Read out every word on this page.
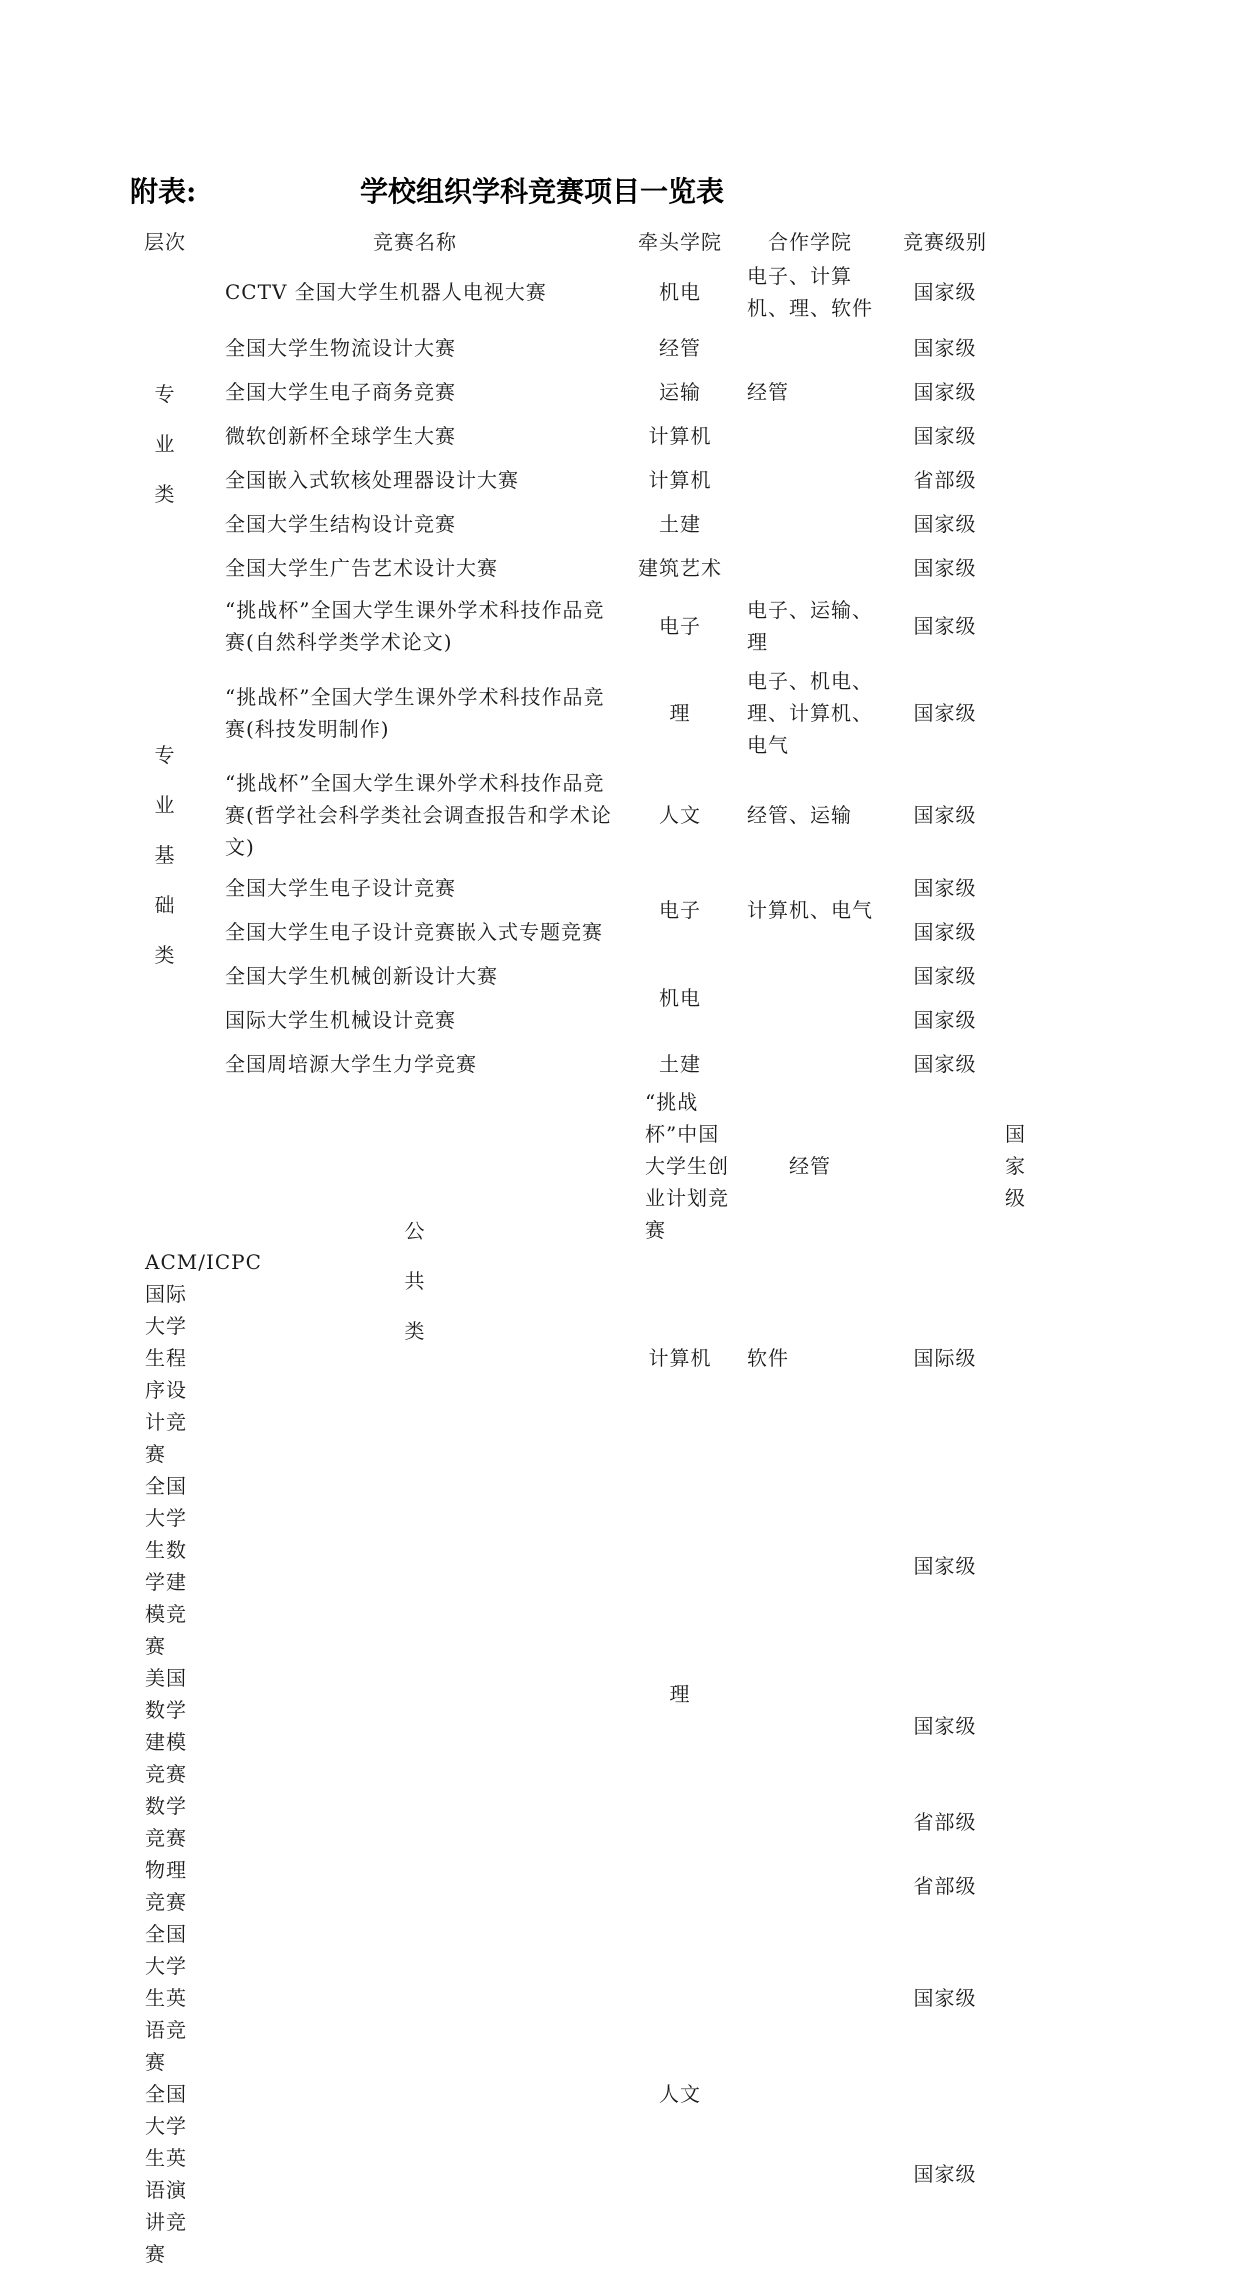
附表:	学校组织学科竞赛项目一览表
层次	竞赛名称	牵头学院	合作学院	竞赛级别	
专业类	CCTV 全国大学生机器人电视大赛	机电	电子、计算机、理、软件	国家级	
	全国大学生物流设计大赛	经管		国家级	
	全国大学生电子商务竞赛	运输	经管	国家级	
	微软创新杯全球学生大赛	计算机		国家级	
	全国嵌入式软核处理器设计大赛	计算机		省部级	
	全国大学生结构设计竞赛	土建		国家级	
	全国大学生广告艺术设计大赛	建筑艺术		国家级	
专业基础类	“挑战杯”全国大学生课外学术科技作品竞赛(自然科学类学术论文)	电子	电子、运输、理	国家级	
	“挑战杯”全国大学生课外学术科技作品竞赛(科技发明制作)	理	电子、机电、理、计算机、电气	国家级	
	“挑战杯”全国大学生课外学术科技作品竞赛(哲学社会科学类社会调查报告和学术论文)	人文	经管、运输	国家级	
	全国大学生电子设计竞赛	电子	计算机、电气	国家级	
	全国大学生电子设计竞赛嵌入式专题竞赛			国家级	
	全国大学生机械创新设计大赛	机电		国家级	
	国际大学生机械设计竞赛			国家级	
	全国周培源大学生力学竞赛	土建		国家级	
	公共类	“挑战杯”中国大学生创业计划竞赛	经管		国家级
ACM/ICPC 国际大学生程序设计竞赛		计算机	软件	国际级	
全国大学生数学建模竞赛		理		国家级	
美国数学建模竞赛				国家级	
数学竞赛				省部级	
物理竞赛				省部级	
全国大学生英语竞赛		人文		国家级	
全国大学生英语演讲竞赛				国家级	
